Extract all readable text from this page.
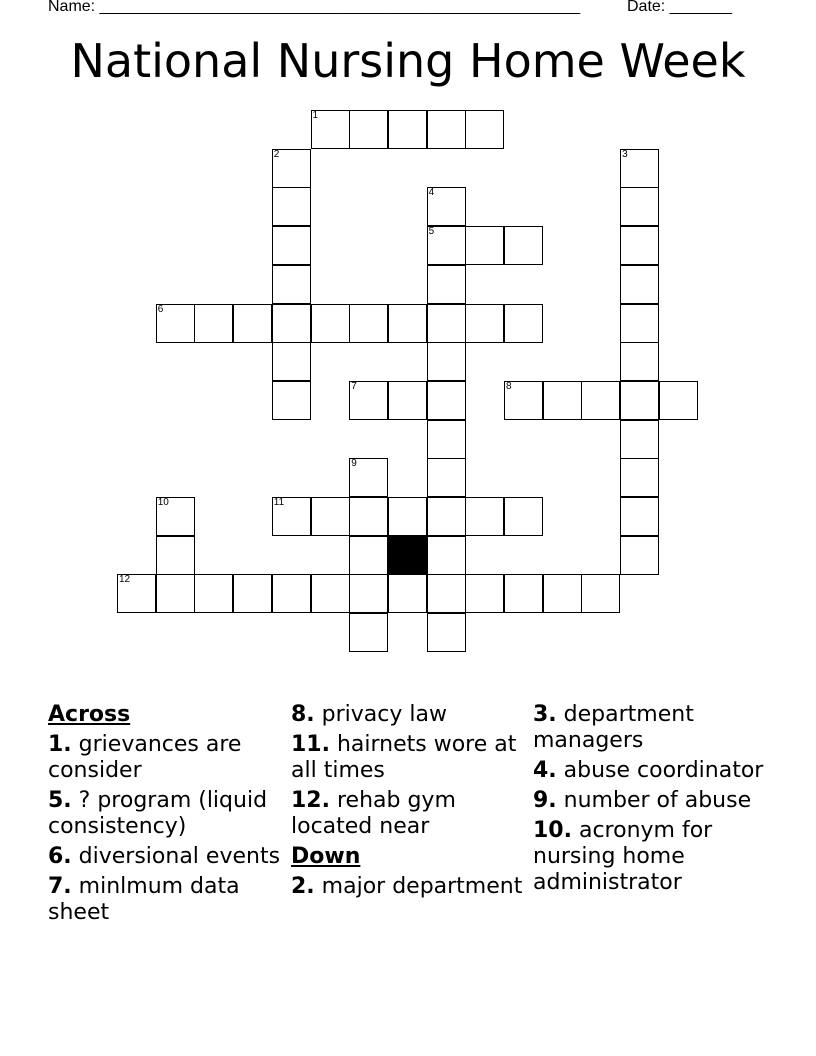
Name: ______________________________________________________	Date: _______
National Nursing Home Week
1
2	3
4
5
6
7	8
9
10	11
12
Across
1. grievances are consider
5. ? program (liquid consistency)
6. diversional events
7. minlmum data sheet
8. privacy law
11. hairnets wore at all times
12. rehab gym located near
Down
2. major department
3. department managers
4. abuse coordinator
9. number of abuse
10. acronym for nursing home administrator
